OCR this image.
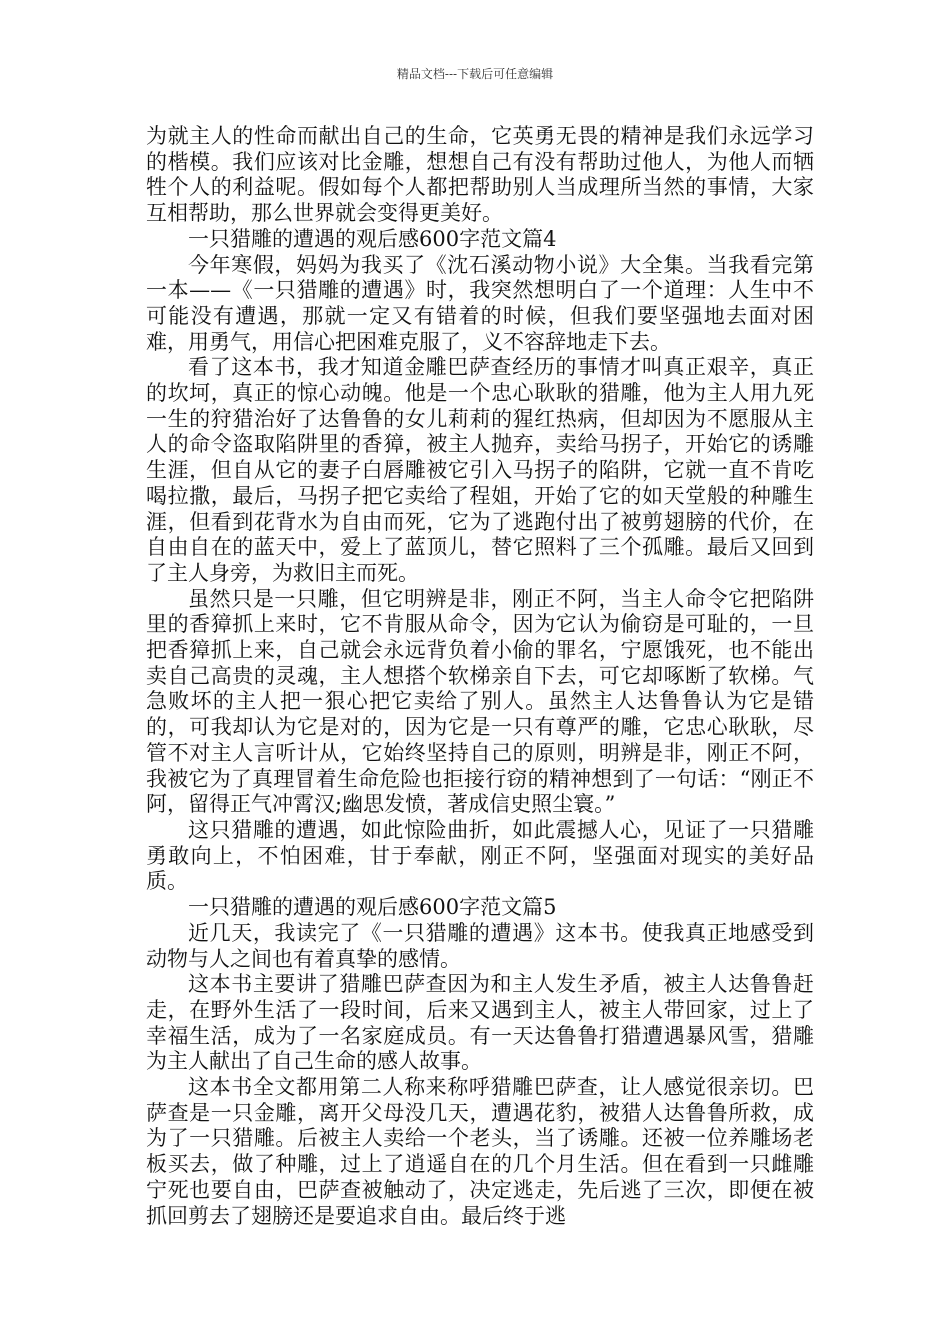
精品文档---下载后可任意编辑

为就主人的性命而献出自己的生命，它英勇无畏的精神是我们永远学习的楷模。我们应该对比金雕，想想自己有没有帮助过他人，为他人而牺牲个人的利益呢。假如每个人都把帮助别人当成理所当然的事情，大家互相帮助，那么世界就会变得更美好。

一只猎雕的遭遇的观后感600字范文篇4

今年寒假，妈妈为我买了《沈石溪动物小说》大全集。当我看完第一本——《一只猎雕的遭遇》时，我突然想明白了一个道理：人生中不可能没有遭遇，那就一定又有错着的时候，但我们要坚强地去面对困难，用勇气，用信心把困难克服了，义不容辞地走下去。

看了这本书，我才知道金雕巴萨查经历的事情才叫真正艰辛，真正的坎坷，真正的惊心动魄。他是一个忠心耿耿的猎雕，他为主人用九死一生的狩猎治好了达鲁鲁的女儿莉莉的猩红热病，但却因为不愿服从主人的命令盗取陷阱里的香獐，被主人抛弃，卖给马拐子，开始它的诱雕生涯，但自从它的妻子白唇雕被它引入马拐子的陷阱，它就一直不肯吃喝拉撒，最后，马拐子把它卖给了程姐，开始了它的如天堂般的种雕生涯，但看到花背水为自由而死，它为了逃跑付出了被剪翅膀的代价，在自由自在的蓝天中，爱上了蓝顶儿，替它照料了三个孤雕。最后又回到了主人身旁，为救旧主而死。

虽然只是一只雕，但它明辨是非，刚正不阿，当主人命令它把陷阱里的香獐抓上来时，它不肯服从命令，因为它认为偷窃是可耻的，一旦把香獐抓上来，自己就会永远背负着小偷的罪名，宁愿饿死，也不能出卖自己高贵的灵魂，主人想搭个软梯亲自下去，可它却啄断了软梯。气急败坏的主人把一狠心把它卖给了别人。虽然主人达鲁鲁认为它是错的，可我却认为它是对的，因为它是一只有尊严的雕，它忠心耿耿，尽管不对主人言听计从，它始终坚持自己的原则，明辨是非，刚正不阿，我被它为了真理冒着生命危险也拒接行窃的精神想到了一句话：“刚正不阿，留得正气冲霄汉;幽思发愤，著成信史照尘寰。”

这只猎雕的遭遇，如此惊险曲折，如此震撼人心，见证了一只猎雕勇敢向上，不怕困难，甘于奉献，刚正不阿，坚强面对现实的美好品质。

一只猎雕的遭遇的观后感600字范文篇5

近几天，我读完了《一只猎雕的遭遇》这本书。使我真正地感受到动物与人之间也有着真挚的感情。

这本书主要讲了猎雕巴萨查因为和主人发生矛盾，被主人达鲁鲁赶走，在野外生活了一段时间，后来又遇到主人，被主人带回家，过上了幸福生活，成为了一名家庭成员。有一天达鲁鲁打猎遭遇暴风雪，猎雕为主人献出了自己生命的感人故事。

这本书全文都用第二人称来称呼猎雕巴萨查，让人感觉很亲切。巴萨查是一只金雕，离开父母没几天，遭遇花豹，被猎人达鲁鲁所救，成为了一只猎雕。后被主人卖给一个老头，当了诱雕。还被一位养雕场老板买去，做了种雕，过上了逍遥自在的几个月生活。但在看到一只雌雕宁死也要自由，巴萨查被触动了，决定逃走，先后逃了三次，即便在被抓回剪去了翅膀还是要追求自由。最后终于逃
